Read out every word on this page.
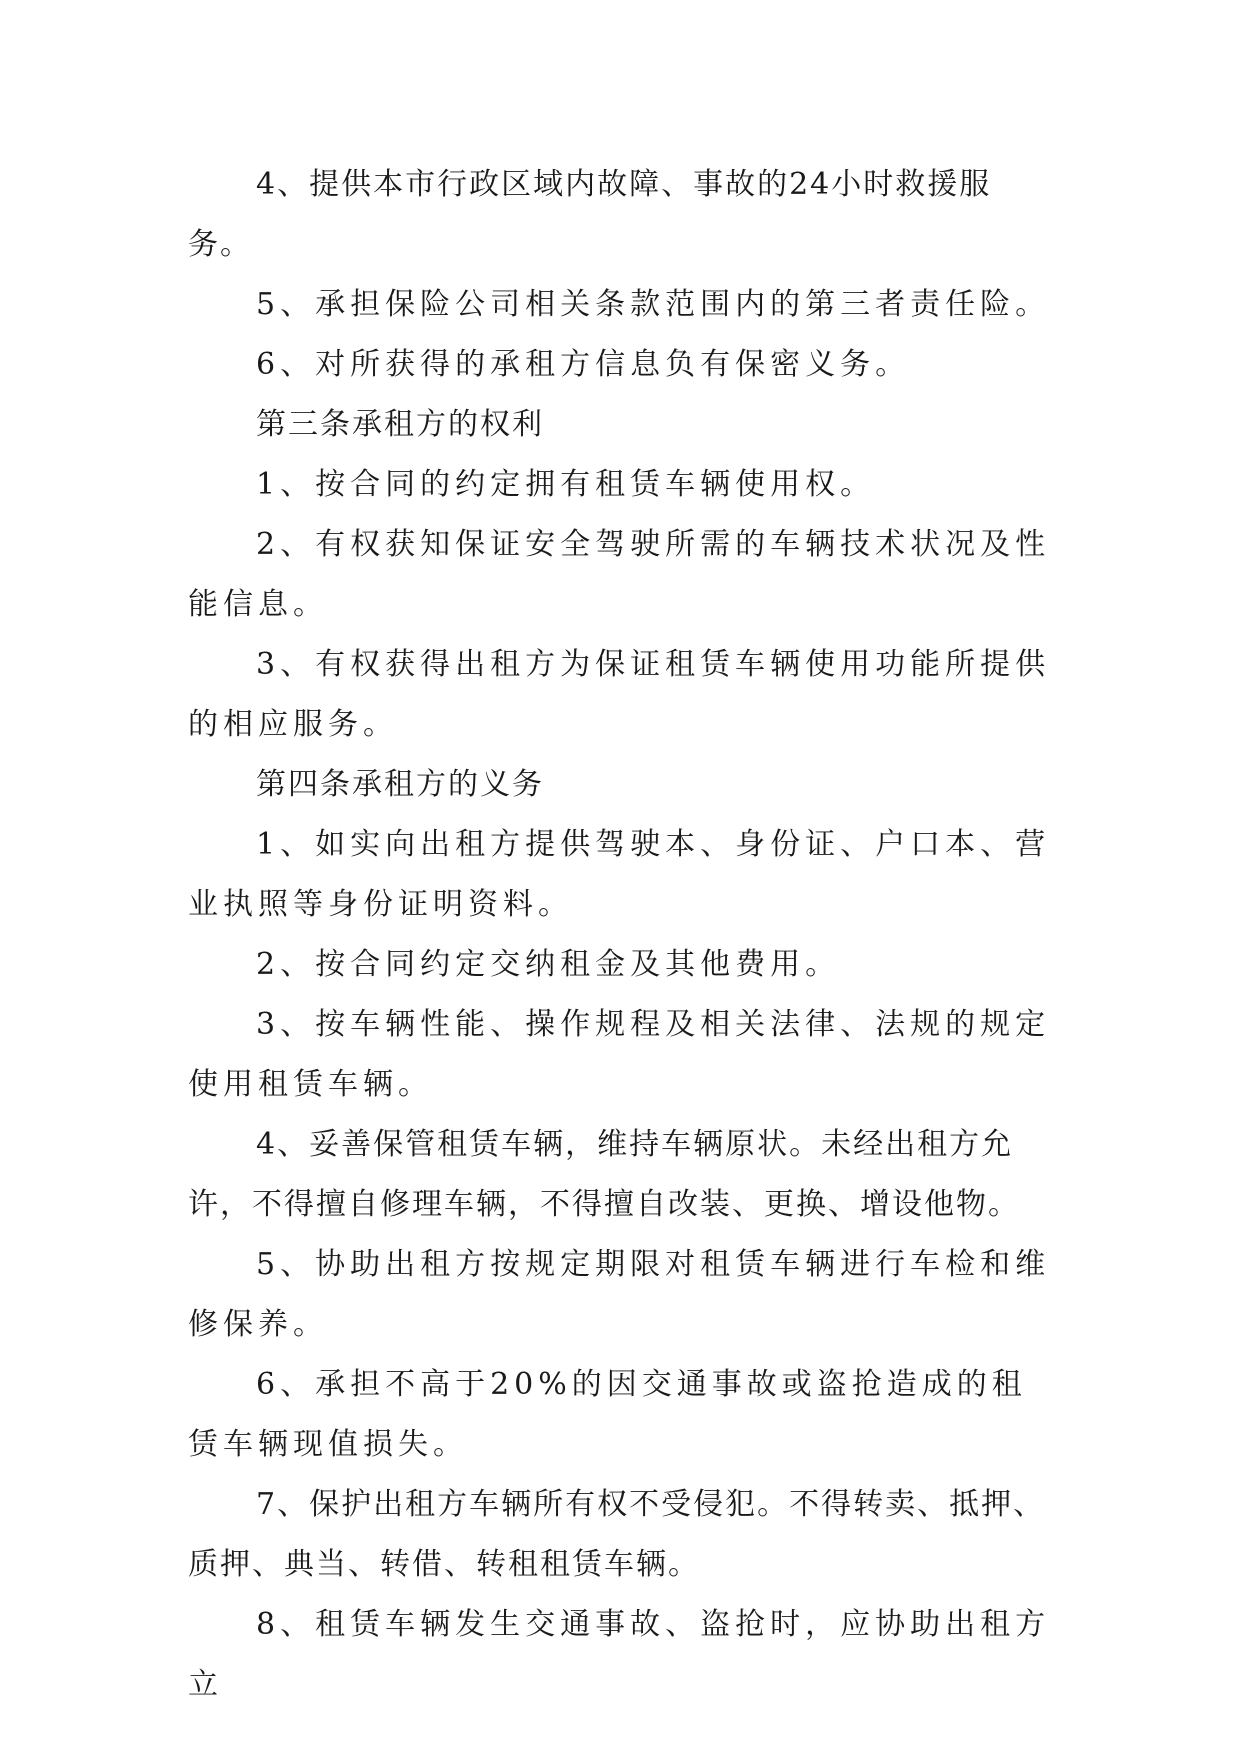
4、提供本市行政区域内故障、事故的24小时救援服务。

5、承担保险公司相关条款范围内的第三者责任险。

6、对所获得的承租方信息负有保密义务。

第三条承租方的权利

1、按合同的约定拥有租赁车辆使用权。

2、有权获知保证安全驾驶所需的车辆技术状况及性能信息。

3、有权获得出租方为保证租赁车辆使用功能所提供的相应服务。

第四条承租方的义务

1、如实向出租方提供驾驶本、身份证、户口本、营业执照等身份证明资料。

2、按合同约定交纳租金及其他费用。

3、按车辆性能、操作规程及相关法律、法规的规定使用租赁车辆。

4、妥善保管租赁车辆，维持车辆原状。未经出租方允许，不得擅自修理车辆，不得擅自改装、更换、增设他物。

5、协助出租方按规定期限对租赁车辆进行车检和维修保养。

6、承担不高于20%的因交通事故或盗抢造成的租赁车辆现值损失。

7、保护出租方车辆所有权不受侵犯。不得转卖、抵押、质押、典当、转借、转租租赁车辆。

8、租赁车辆发生交通事故、盗抢时，应协助出租方立
